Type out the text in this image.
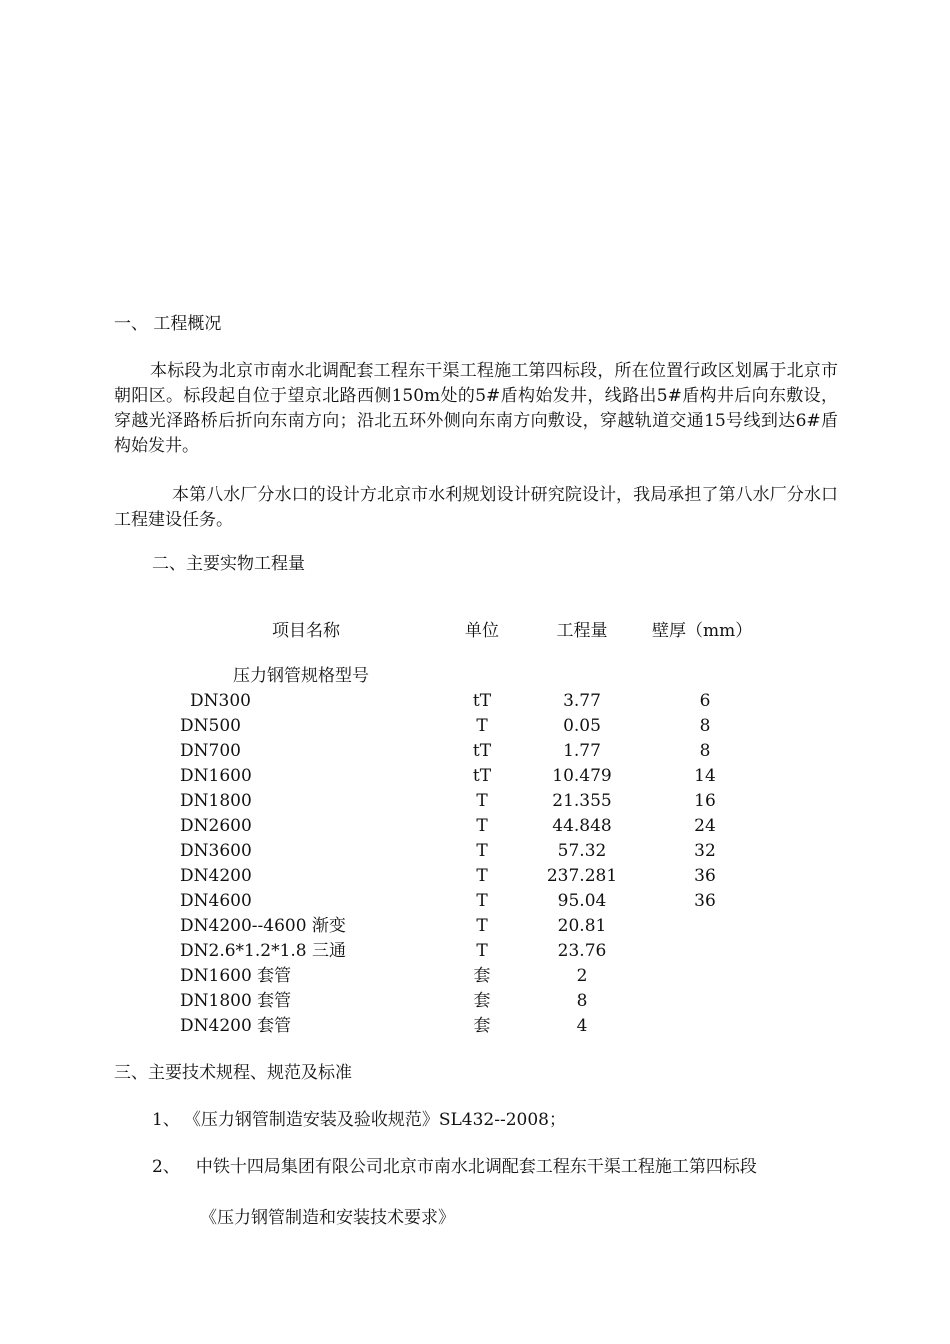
一、 工程概况
本标段为北京市南水北调配套工程东干渠工程施工第四标段，所在位置行政区划属于北京市 朝阳区。标段起自位于望京北路西侧150m处的5#盾构始发井，线路出5#盾构井后向东敷设，穿越光泽路桥后折向东南方向；沿北五环外侧向东南方向敷设，穿越轨道交通15号线到达6#盾构始发井。
本第八水厂分水口的设计方北京市水利规划设计研究院设计，我局承担了第八水厂分水口工程建设任务。
二、主要实物工程量
项目名称	单位	工程量	壁厚（mm）
压力钢管规格型号
DN300	tT	3.77	6
DN500	T	0.05	8
DN700	tT	1.77	8
DN1600	tT	10.479	14
DN1800	T	21.355	16
DN2600	T	44.848	24
DN3600	T	57.32	32
DN4200	T	237.281	36
DN4600	T	95.04	36
DN4200--4600 渐变	T	20.81
DN2.6*1.2*1.8 三通	T	23.76
DN1600 套管	套	2
DN1800 套管	套	8
DN4200 套管	套	4
三、主要技术规程、规范及标准
1、 《压力钢管制造安装及验收规范》SL432--2008；
2、 中铁十四局集团有限公司北京市南水北调配套工程东干渠工程施工第四标段
《压力钢管制造和安装技术要求》
